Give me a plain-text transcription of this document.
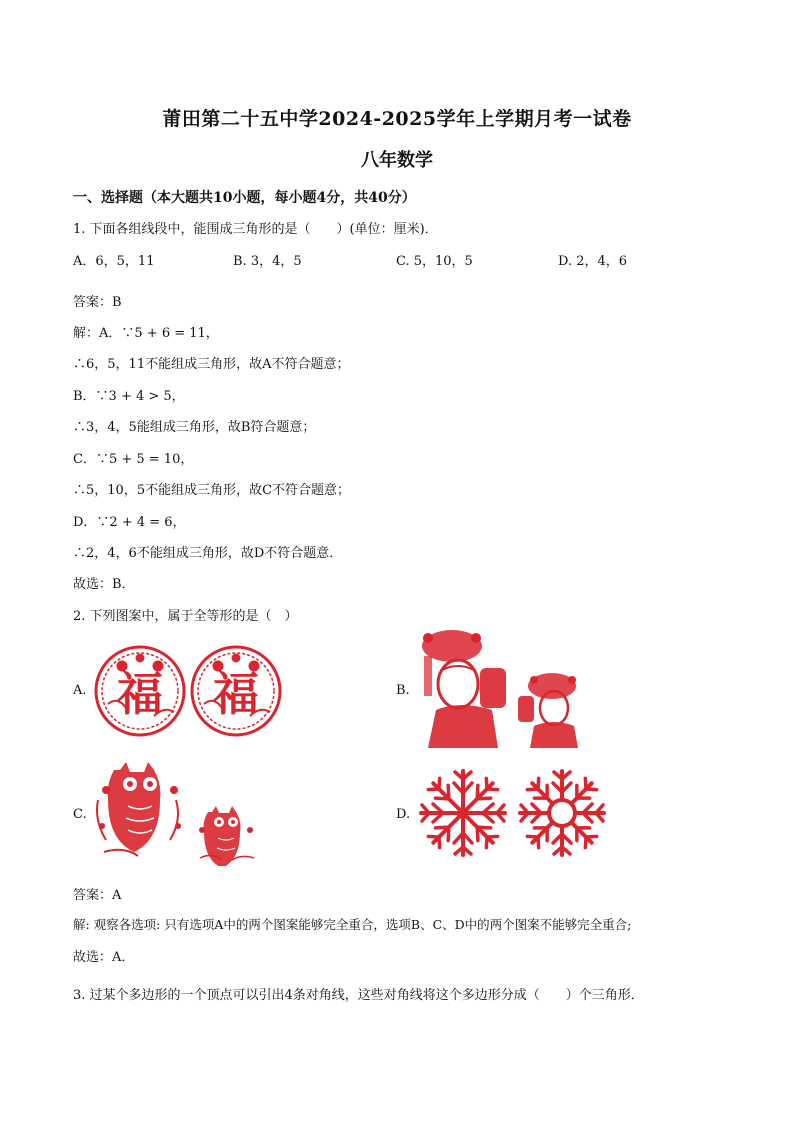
莆田第二十五中学2024-2025学年上学期月考一试卷
八年数学
一、选择题（本大题共10小题，每小题4分，共40分）
1. 下面各组线段中，能围成三角形的是（　　）(单位：厘米)．
A．6，5，11	B. 3，4，5	C. 5，10，5	D. 2，4，6
答案：B
解：A．∵5 + 6 = 11，
∴6，5，11不能组成三角形，故A不符合题意；
B．∵3 + 4 > 5，
∴3，4，5能组成三角形，故B符合题意；
C．∵5 + 5 = 10，
∴5，10，5不能组成三角形，故C不符合题意；
D．∵2 + 4 = 6，
∴2，4，6不能组成三角形，故D不符合题意．
故选：B．
2. 下列图案中，属于全等形的是（　）
A. 福 福	B.
C.	D.
答案：A
解: 观察各选项: 只有选项A中的两个图案能够完全重合，选项B、C、D中的两个图案不能够完全重合;
故选：A．
3. 过某个多边形的一个顶点可以引出4条对角线，这些对角线将这个多边形分成（　　）个三角形．
